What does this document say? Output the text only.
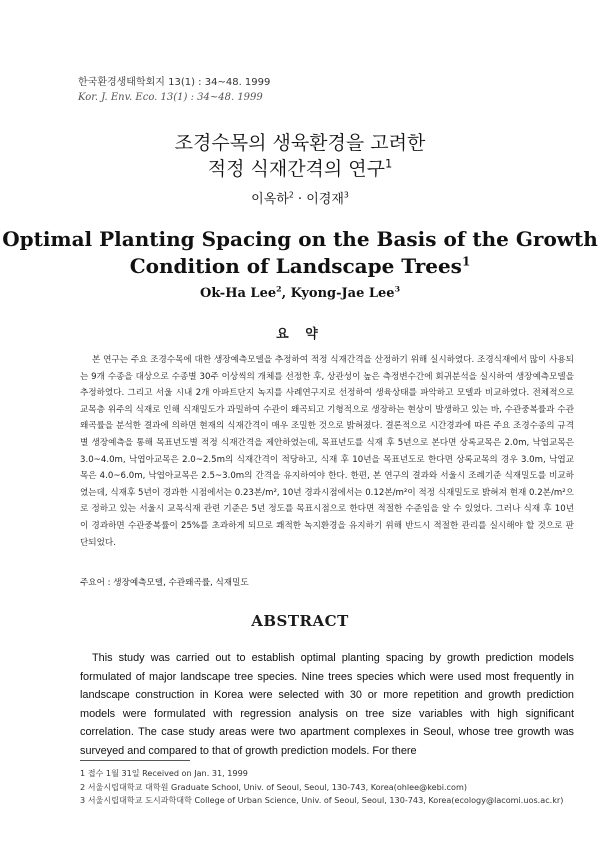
한국환경생태학회지 13(1) : 34~48. 1999
Kor. J. Env. Eco. 13(1) : 34~48. 1999
조경수목의 생육환경을 고려한
적정 식재간격의 연구$^1$
이옥하$^2$ · 이경재$^3$
Optimal Planting Spacing on the Basis of the Growth
Condition of Landscape Trees$^1$
Ok-Ha Lee$^2$, Kyong-Jae Lee$^3$
요 약
본 연구는 주요 조경수목에 대한 생장예측모델을 추정하여 적정 식재간격을 산정하기 위해 실시하였다. 조경식재에서 많이 사용되는 9개 수종을 대상으로 수종별 30주 이상씩의 개체를 선정한 후, 상관성이 높은 측정변수간에 회귀분석을 실시하여 생장예측모델을 추정하였다. 그리고 서울 시내 2개 아파트단지 녹지를 사례연구지로 선정하여 생육상태를 파악하고 모델과 비교하였다. 전체적으로 교목층 위주의 식재로 인해 식재밀도가 과밀하여 수관이 왜곡되고 기형적으로 생장하는 현상이 발생하고 있는 바, 수관중복률과 수관왜곡률을 분석한 결과에 의하면 현재의 식재간격이 매우 조밀한 것으로 밝혀졌다. 결론적으로 시간경과에 따른 주요 조경수종의 규격별 생장예측을 통해 목표년도별 적정 식재간격을 제안하였는데, 목표년도를 식재 후 5년으로 본다면 상록교목은 2.0m, 낙엽교목은 3.0~4.0m, 낙엽아교목은 2.0~2.5m의 식재간격이 적당하고, 식재 후 10년을 목표년도로 한다면 상록교목의 경우 3.0m, 낙엽교목은 4.0~6.0m, 낙엽아교목은 2.5~3.0m의 간격을 유지하여야 한다. 한편, 본 연구의 결과와 서울시 조례기준 식재밀도를 비교하였는데, 식재후 5년이 경과한 시점에서는 0.23본/m², 10년 경과시점에서는 0.12본/m²이 적정 식재밀도로 밝혀져 현재 0.2본/m²으로 정하고 있는 서울시 교목식재 관련 기준은 5년 정도를 목표시점으로 한다면 적절한 수준임을 알 수 있었다. 그러나 식재 후 10년이 경과하면 수관중복률이 25%를 초과하게 되므로 쾌적한 녹지환경을 유지하기 위해 반드시 적절한 관리를 실시해야 할 것으로 판단되었다.
주요어 : 생장예측모델, 수관왜곡률, 식재밀도
ABSTRACT
This study was carried out to establish optimal planting spacing by growth prediction models formulated of major landscape tree species. Nine trees species which were used most frequently in landscape construction in Korea were selected with 30 or more repetition and growth prediction models were formulated with regression analysis on tree size variables with high significant correlation. The case study areas were two apartment complexes in Seoul, whose tree growth was surveyed and compared to that of growth prediction models. For there
1 접수 1월 31일 Received on Jan. 31, 1999
2 서울시립대학교 대학원 Graduate School, Univ. of Seoul, Seoul, 130-743, Korea(ohlee@kebi.com)
3 서울시립대학교 도시과학대학 College of Urban Science, Univ. of Seoul, Seoul, 130-743, Korea(ecology@lacomi.uos.ac.kr)
